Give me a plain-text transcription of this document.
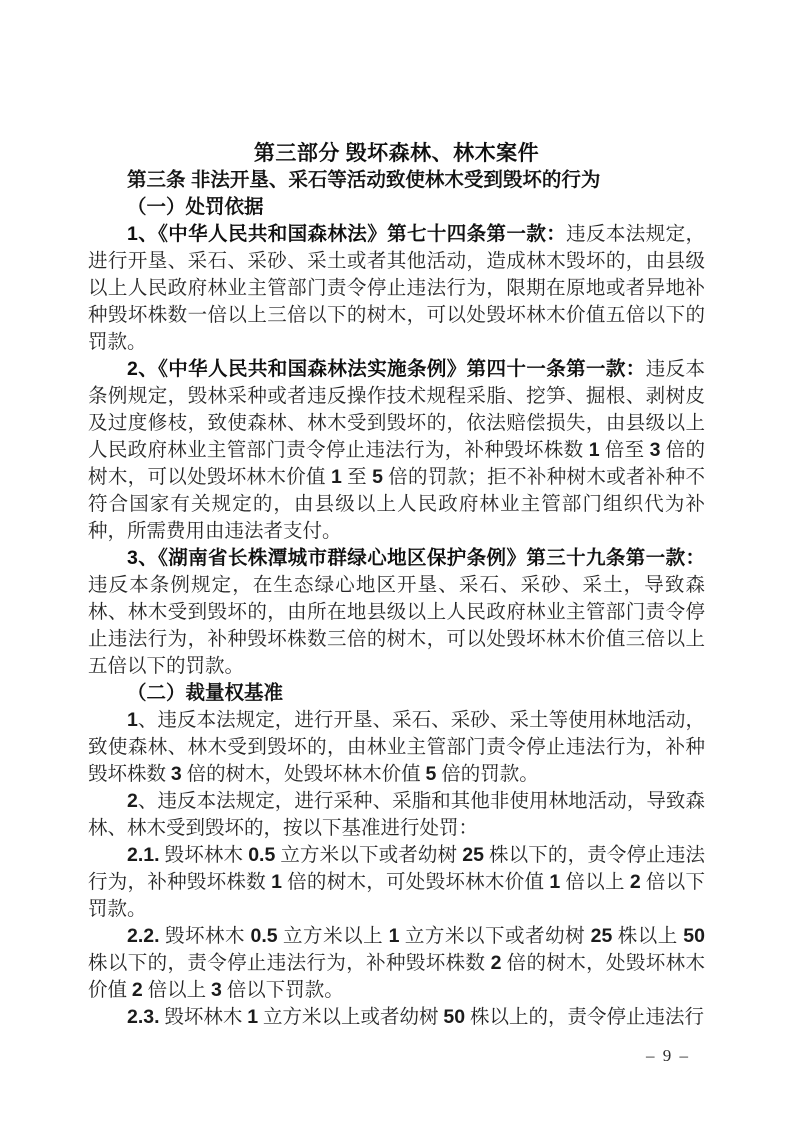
第三部分 毁坏森林、林木案件
第三条 非法开垦、采石等活动致使林木受到毁坏的行为
（一）处罚依据

1、《中华人民共和国森林法》第七十四条第一款：违反本法规定，进行开垦、采石、采砂、采土或者其他活动，造成林木毁坏的，由县级以上人民政府林业主管部门责令停止违法行为，限期在原地或者异地补种毁坏株数一倍以上三倍以下的树木，可以处毁坏林木价值五倍以下的罚款。

2、《中华人民共和国森林法实施条例》第四十一条第一款：违反本条例规定，毁林采种或者违反操作技术规程采脂、挖笋、掘根、剥树皮及过度修枝，致使森林、林木受到毁坏的，依法赔偿损失，由县级以上人民政府林业主管部门责令停止违法行为，补种毁坏株数 1 倍至 3 倍的树木，可以处毁坏林木价值 1 至 5 倍的罚款；拒不补种树木或者补种不符合国家有关规定的，由县级以上人民政府林业主管部门组织代为补种，所需费用由违法者支付。

3、《湖南省长株潭城市群绿心地区保护条例》第三十九条第一款：违反本条例规定，在生态绿心地区开垦、采石、采砂、采土，导致森林、林木受到毁坏的，由所在地县级以上人民政府林业主管部门责令停止违法行为，补种毁坏株数三倍的树木，可以处毁坏林木价值三倍以上五倍以下的罚款。

（二）裁量权基准

1、违反本法规定，进行开垦、采石、采砂、采土等使用林地活动，致使森林、林木受到毁坏的，由林业主管部门责令停止违法行为，补种毁坏株数 3 倍的树木，处毁坏林木价值 5 倍的罚款。

2、违反本法规定，进行采种、采脂和其他非使用林地活动，导致森林、林木受到毁坏的，按以下基准进行处罚：

2.1. 毁坏林木 0.5 立方米以下或者幼树 25 株以下的，责令停止违法行为，补种毁坏株数 1 倍的树木，可处毁坏林木价值 1 倍以上 2 倍以下罚款。

2.2. 毁坏林木 0.5 立方米以上 1 立方米以下或者幼树 25 株以上 50 株以下的，责令停止违法行为，补种毁坏株数 2 倍的树木，处毁坏林木价值 2 倍以上 3 倍以下罚款。

2.3. 毁坏林木 1 立方米以上或者幼树 50 株以上的，责令停止违法行

– 9 –
